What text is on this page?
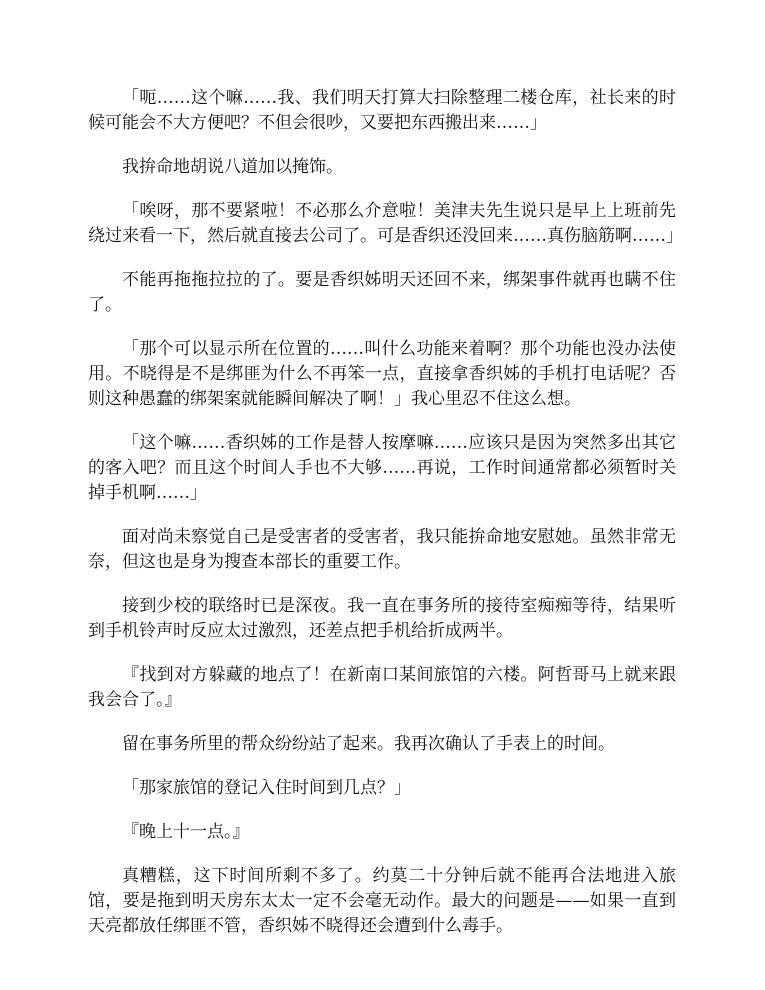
「呃……这个嘛……我、我们明天打算大扫除整理二楼仓库，社长来的时候可能会不大方便吧？不但会很吵，又要把东西搬出来……」

我拚命地胡说八道加以掩饰。

「唉呀，那不要紧啦！不必那么介意啦！美津夫先生说只是早上上班前先绕过来看一下，然后就直接去公司了。可是香织还没回来……真伤脑筋啊……」

不能再拖拖拉拉的了。要是香织姊明天还回不来，绑架事件就再也瞒不住了。

「那个可以显示所在位置的……叫什么功能来着啊？那个功能也没办法使用。不晓得是不是绑匪为什么不再笨一点，直接拿香织姊的手机打电话呢？否则这种愚蠢的绑架案就能瞬间解决了啊！」我心里忍不住这么想。

「这个嘛……香织姊的工作是替人按摩嘛……应该只是因为突然多出其它的客入吧？而且这个时间人手也不大够……再说，工作时间通常都必须暂时关掉手机啊……」

面对尚未察觉自己是受害者的受害者，我只能拚命地安慰她。虽然非常无奈，但这也是身为搜查本部长的重要工作。

接到少校的联络时已是深夜。我一直在事务所的接待室痴痴等待，结果听到手机铃声时反应太过激烈，还差点把手机给折成两半。

『找到对方躲藏的地点了！在新南口某间旅馆的六楼。阿哲哥马上就来跟我会合了。』

留在事务所里的帮众纷纷站了起来。我再次确认了手表上的时间。

「那家旅馆的登记入住时间到几点？」

『晚上十一点。』

真糟糕，这下时间所剩不多了。约莫二十分钟后就不能再合法地进入旅馆，要是拖到明天房东太太一定不会毫无动作。最大的问题是——如果一直到天亮都放任绑匪不管，香织姊不晓得还会遭到什么毒手。
